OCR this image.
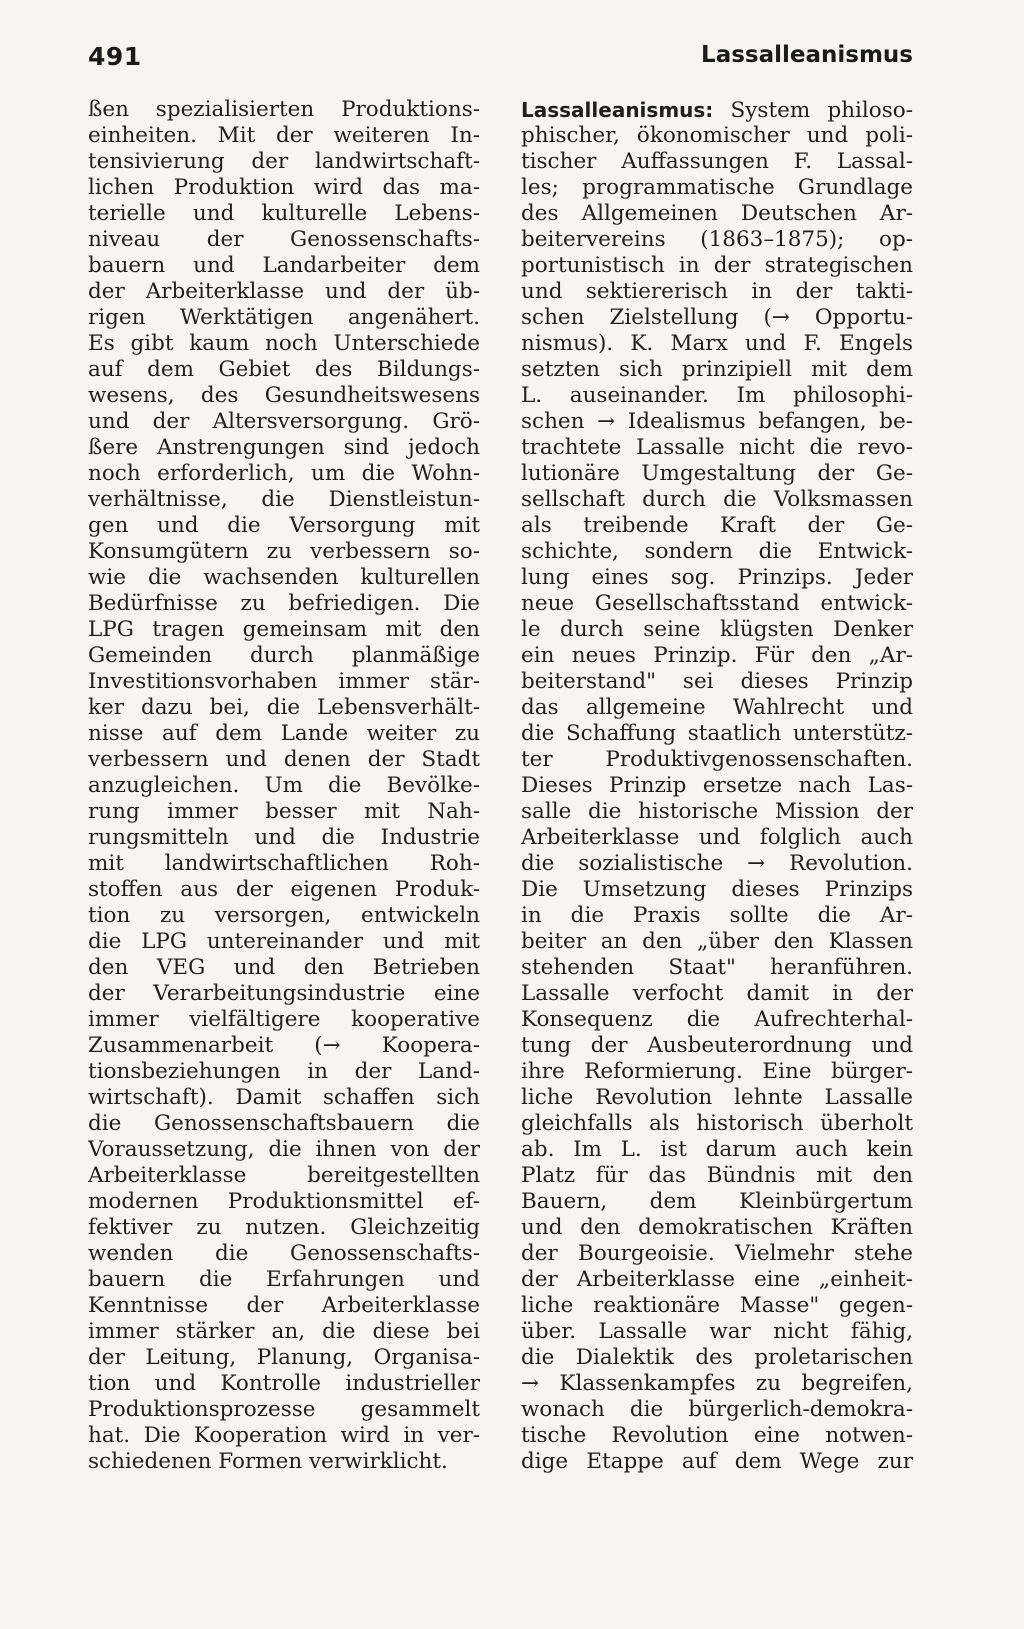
491	Lassalleanismus
ßen spezialisierten Produktions-
einheiten. Mit der weiteren In-
tensivierung der landwirtschaft-
lichen Produktion wird das ma-
terielle und kulturelle Lebens-
niveau der Genossenschafts-
bauern und Landarbeiter dem
der Arbeiterklasse und der üb-
rigen Werktätigen angenähert.
Es gibt kaum noch Unterschiede
auf dem Gebiet des Bildungs-
wesens, des Gesundheitswesens
und der Altersversorgung. Grö-
ßere Anstrengungen sind jedoch
noch erforderlich, um die Wohn-
verhältnisse, die Dienstleistun-
gen und die Versorgung mit
Konsumgütern zu verbessern so-
wie die wachsenden kulturellen
Bedürfnisse zu befriedigen. Die
LPG tragen gemeinsam mit den
Gemeinden durch planmäßige
Investitionsvorhaben immer stär-
ker dazu bei, die Lebensverhält-
nisse auf dem Lande weiter zu
verbessern und denen der Stadt
anzugleichen. Um die Bevölke-
rung immer besser mit Nah-
rungsmitteln und die Industrie
mit landwirtschaftlichen Roh-
stoffen aus der eigenen Produk-
tion zu versorgen, entwickeln
die LPG untereinander und mit
den VEG und den Betrieben
der Verarbeitungsindustrie eine
immer vielfältigere kooperative
Zusammenarbeit (→ Koopera-
tionsbeziehungen in der Land-
wirtschaft). Damit schaffen sich
die Genossenschaftsbauern die
Voraussetzung, die ihnen von der
Arbeiterklasse bereitgestellten
modernen Produktionsmittel ef-
fektiver zu nutzen. Gleichzeitig
wenden die Genossenschafts-
bauern die Erfahrungen und
Kenntnisse der Arbeiterklasse
immer stärker an, die diese bei
der Leitung, Planung, Organisa-
tion und Kontrolle industrieller
Produktionsprozesse gesammelt
hat. Die Kooperation wird in ver-
schiedenen Formen verwirklicht.
Lassalleanismus: System philoso-
phischer, ökonomischer und poli-
tischer Auffassungen F. Lassal-
les; programmatische Grundlage
des Allgemeinen Deutschen Ar-
beitervereins (1863–1875); op-
portunistisch in der strategischen
und sektiererisch in der takti-
schen Zielstellung (→ Opportu-
nismus). K. Marx und F. Engels
setzten sich prinzipiell mit dem
L. auseinander. Im philosophi-
schen → Idealismus befangen, be-
trachtete Lassalle nicht die revo-
lutionäre Umgestaltung der Ge-
sellschaft durch die Volksmassen
als treibende Kraft der Ge-
schichte, sondern die Entwick-
lung eines sog. Prinzips. Jeder
neue Gesellschaftsstand entwick-
le durch seine klügsten Denker
ein neues Prinzip. Für den „Ar-
beiterstand" sei dieses Prinzip
das allgemeine Wahlrecht und
die Schaffung staatlich unterstütz-
ter Produktivgenossenschaften.
Dieses Prinzip ersetze nach Las-
salle die historische Mission der
Arbeiterklasse und folglich auch
die sozialistische → Revolution.
Die Umsetzung dieses Prinzips
in die Praxis sollte die Ar-
beiter an den „über den Klassen
stehenden Staat" heranführen.
Lassalle verfocht damit in der
Konsequenz die Aufrechterhal-
tung der Ausbeuterordnung und
ihre Reformierung. Eine bürger-
liche Revolution lehnte Lassalle
gleichfalls als historisch überholt
ab. Im L. ist darum auch kein
Platz für das Bündnis mit den
Bauern, dem Kleinbürgertum
und den demokratischen Kräften
der Bourgeoisie. Vielmehr stehe
der Arbeiterklasse eine „einheit-
liche reaktionäre Masse" gegen-
über. Lassalle war nicht fähig,
die Dialektik des proletarischen
→ Klassenkampfes zu begreifen,
wonach die bürgerlich-demokra-
tische Revolution eine notwen-
dige Etappe auf dem Wege zur
